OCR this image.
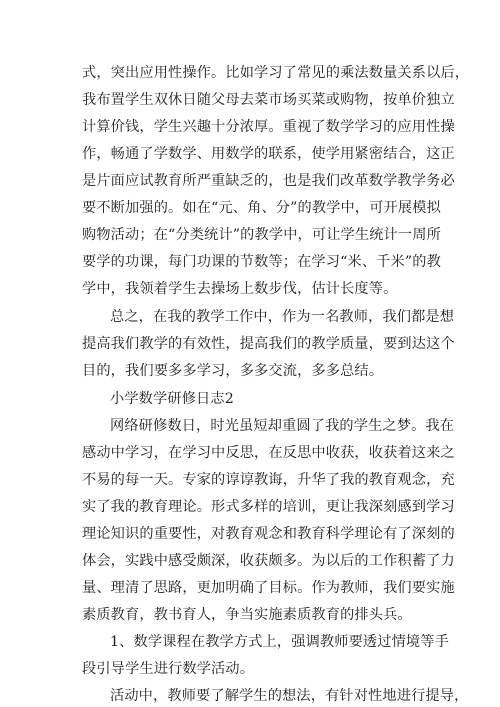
式，突出应用性操作。比如学习了常见的乘法数量关系以后，
我布置学生双休日随父母去菜市场买菜或购物，按单价独立
计算价钱，学生兴趣十分浓厚。重视了数学学习的应用性操
作，畅通了学数学、用数学的联系，使学用紧密结合，这正
是片面应试教育所严重缺乏的，也是我们改革数学教学务必
要不断加强的。如在“元、角、分”的教学中，可开展模拟
购物活动；在“分类统计”的教学中，可让学生统计一周所
要学的功课，每门功课的节数等；在学习“米、千米”的教
学中，我领着学生去操场上数步伐，估计长度等。
总之，在我的教学工作中，作为一名教师，我们都是想
提高我们教学的有效性，提高我们的教学质量，要到达这个
目的，我们要多多学习，多多交流，多多总结。
小学数学研修日志2
网络研修数日，时光虽短却重圆了我的学生之梦。我在
感动中学习，在学习中反思，在反思中收获，收获着这来之
不易的每一天。专家的谆谆教诲，升华了我的教育观念，充
实了我的教育理论。形式多样的培训，更让我深刻感到学习
理论知识的重要性，对教育观念和教育科学理论有了深刻的
体会，实践中感受颇深，收获颇多。为以后的工作积蓄了力
量、理清了思路，更加明确了目标。作为教师，我们要实施
素质教育，教书育人，争当实施素质教育的排头兵。
1、数学课程在教学方式上，强调教师要透过情境等手
段引导学生进行数学活动。
活动中，教师要了解学生的想法，有针对性地进行提导，
